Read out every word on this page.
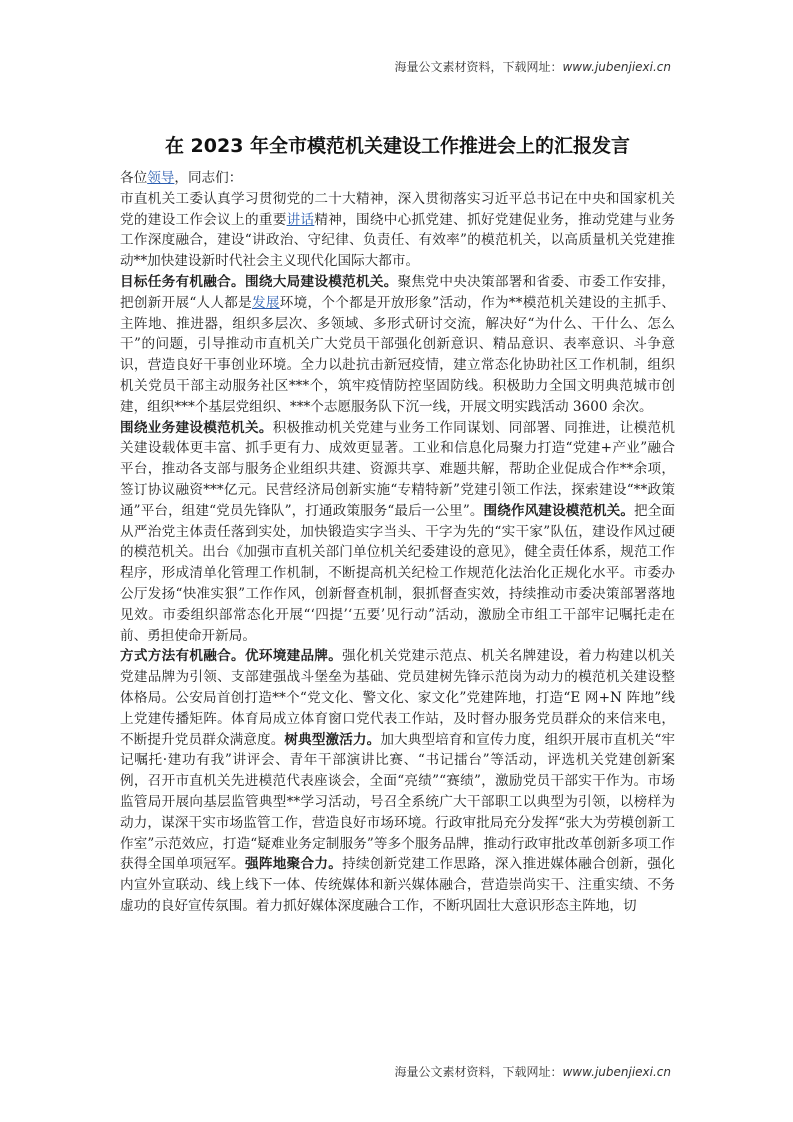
海量公文素材资料，下载网址：www.jubenjiexi.cn
在 2023 年全市模范机关建设工作推进会上的汇报发言

各位领导，同志们：

市直机关工委认真学习贯彻党的二十大精神，深入贯彻落实习近平总书记在中央和国家机关党的建设工作会议上的重要讲话精神，围绕中心抓党建、抓好党建促业务，推动党建与业务工作深度融合，建设“讲政治、守纪律、负责任、有效率”的模范机关，以高质量机关党建推动**加快建设新时代社会主义现代化国际大都市。

目标任务有机融合。围绕大局建设模范机关。聚焦党中央决策部署和省委、市委工作安排，把创新开展“人人都是发展环境，个个都是开放形象”活动，作为**模范机关建设的主抓手、主阵地、推进器，组织多层次、多领域、多形式研讨交流，解决好“为什么、干什么、怎么干”的问题，引导推动市直机关广大党员干部强化创新意识、精品意识、表率意识、斗争意识，营造良好干事创业环境。全力以赴抗击新冠疫情，建立常态化协助社区工作机制，组织机关党员干部主动服务社区***个，筑牢疫情防控坚固防线。积极助力全国文明典范城市创建，组织***个基层党组织、***个志愿服务队下沉一线，开展文明实践活动 3600 余次。

围绕业务建设模范机关。积极推动机关党建与业务工作同谋划、同部署、同推进，让模范机关建设载体更丰富、抓手更有力、成效更显著。工业和信息化局聚力打造“党建+产业”融合平台，推动各支部与服务企业组织共建、资源共享、难题共解，帮助企业促成合作**余项，签订协议融资***亿元。民营经济局创新实施“专精特新”党建引领工作法，探索建设“**政策通”平台，组建“党员先锋队”，打通政策服务“最后一公里”。围绕作风建设模范机关。把全面从严治党主体责任落到实处，加快锻造实字当头、干字为先的“实干家”队伍，建设作风过硬的模范机关。出台《加强市直机关部门单位机关纪委建设的意见》，健全责任体系，规范工作程序，形成清单化管理工作机制，不断提高机关纪检工作规范化法治化正规化水平。市委办公厅发扬“快准实狠”工作作风，创新督查机制，狠抓督查实效，持续推动市委决策部署落地见效。市委组织部常态化开展“‘四提’‘五要’见行动”活动，激励全市组工干部牢记嘱托走在前、勇担使命开新局。

方式方法有机融合。优环境建品牌。强化机关党建示范点、机关名牌建设，着力构建以机关党建品牌为引领、支部建强战斗堡垒为基础、党员建树先锋示范岗为动力的模范机关建设整体格局。公安局首创打造**个“党文化、警文化、家文化”党建阵地，打造“E 网+N 阵地”线上党建传播矩阵。体育局成立体育窗口党代表工作站，及时督办服务党员群众的来信来电，不断提升党员群众满意度。树典型激活力。加大典型培育和宣传力度，组织开展市直机关“牢记嘱托·建功有我”讲评会、青年干部演讲比赛、“书记擂台”等活动，评选机关党建创新案例，召开市直机关先进模范代表座谈会，全面“亮绩”“赛绩”，激励党员干部实干作为。市场监管局开展向基层监管典型**学习活动，号召全系统广大干部职工以典型为引领，以榜样为动力，谋深干实市场监管工作，营造良好市场环境。行政审批局充分发挥“张大为劳模创新工作室”示范效应，打造“疑难业务定制服务”等多个服务品牌，推动行政审批改革创新多项工作获得全国单项冠军。强阵地聚合力。持续创新党建工作思路，深入推进媒体融合创新，强化内宣外宣联动、线上线下一体、传统媒体和新兴媒体融合，营造崇尚实干、注重实绩、不务虚功的良好宣传氛围。着力抓好媒体深度融合工作，不断巩固壮大意识形态主阵地，切

海量公文素材资料，下载网址：www.jubenjiexi.cn
